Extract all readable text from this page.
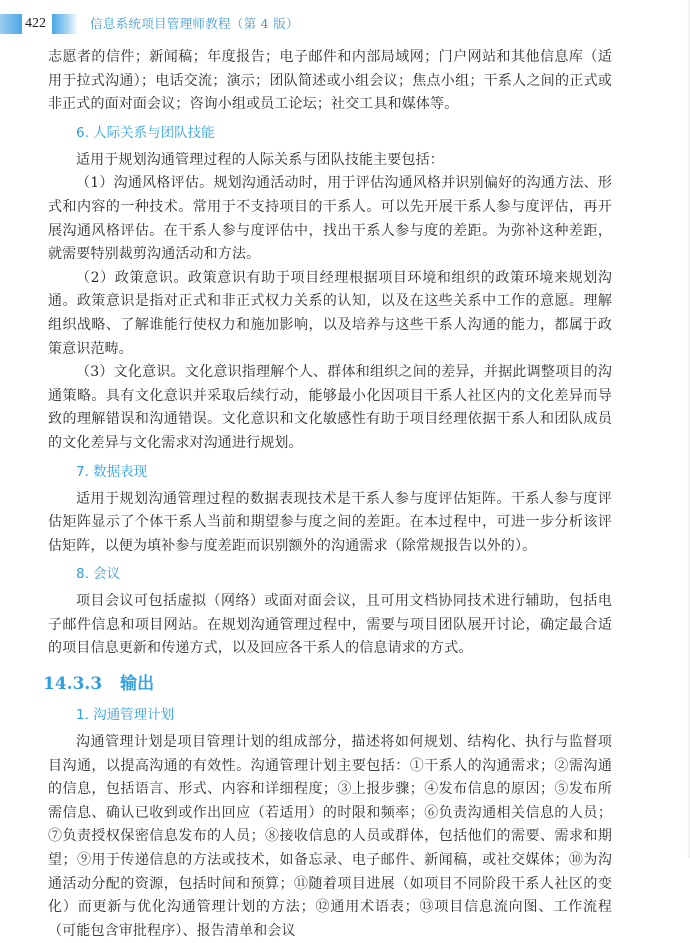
422	信息系统项目管理师教程（第 4 版）

志愿者的信件；新闻稿；年度报告；电子邮件和内部局域网；门户网站和其他信息库（适用于拉式沟通）；电话交流；演示；团队简述或小组会议；焦点小组；干系人之间的正式或非正式的面对面会议；咨询小组或员工论坛；社交工具和媒体等。

6. 人际关系与团队技能

适用于规划沟通管理过程的人际关系与团队技能主要包括：

（1）沟通风格评估。规划沟通活动时，用于评估沟通风格并识别偏好的沟通方法、形式和内容的一种技术。常用于不支持项目的干系人。可以先开展干系人参与度评估，再开展沟通风格评估。在干系人参与度评估中，找出干系人参与度的差距。为弥补这种差距，就需要特别裁剪沟通活动和方法。

（2）政策意识。政策意识有助于项目经理根据项目环境和组织的政策环境来规划沟通。政策意识是指对正式和非正式权力关系的认知，以及在这些关系中工作的意愿。理解组织战略、了解谁能行使权力和施加影响，以及培养与这些干系人沟通的能力，都属于政策意识范畴。

（3）文化意识。文化意识指理解个人、群体和组织之间的差异，并据此调整项目的沟通策略。具有文化意识并采取后续行动，能够最小化因项目干系人社区内的文化差异而导致的理解错误和沟通错误。文化意识和文化敏感性有助于项目经理依据干系人和团队成员的文化差异与文化需求对沟通进行规划。

7. 数据表现

适用于规划沟通管理过程的数据表现技术是干系人参与度评估矩阵。干系人参与度评估矩阵显示了个体干系人当前和期望参与度之间的差距。在本过程中，可进一步分析该评估矩阵，以便为填补参与度差距而识别额外的沟通需求（除常规报告以外的）。

8. 会议

项目会议可包括虚拟（网络）或面对面会议，且可用文档协同技术进行辅助，包括电子邮件信息和项目网站。在规划沟通管理过程中，需要与项目团队展开讨论，确定最合适的项目信息更新和传递方式，以及回应各干系人的信息请求的方式。

14.3.3 输出
1. 沟通管理计划

沟通管理计划是项目管理计划的组成部分，描述将如何规划、结构化、执行与监督项目沟通，以提高沟通的有效性。沟通管理计划主要包括：①干系人的沟通需求；②需沟通的信息，包括语言、形式、内容和详细程度；③上报步骤；④发布信息的原因；⑤发布所需信息、确认已收到或作出回应（若适用）的时限和频率；⑥负责沟通相关信息的人员；⑦负责授权保密信息发布的人员；⑧接收信息的人员或群体，包括他们的需要、需求和期望；⑨用于传递信息的方法或技术，如备忘录、电子邮件、新闻稿，或社交媒体；⑩为沟通活动分配的资源，包括时间和预算；⑪随着项目进展（如项目不同阶段干系人社区的变化）而更新与优化沟通管理计划的方法；⑫通用术语表；⑬项目信息流向图、工作流程（可能包含审批程序）、报告清单和会议
